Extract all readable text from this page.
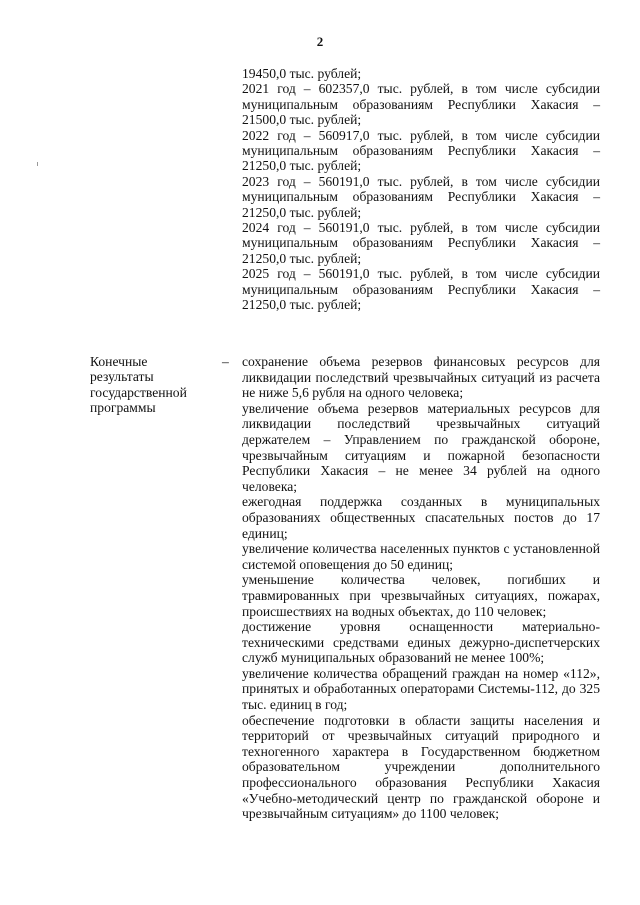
2

19450,0 тыс. рублей;

2021 год – 602357,0 тыс. рублей, в том числе субсидии муниципальным образованиям Республики Хакасия – 21500,0 тыс. рублей;

2022 год – 560917,0 тыс. рублей, в том числе субсидии муниципальным образованиям Республики Хакасия – 21250,0 тыс. рублей;

2023 год – 560191,0 тыс. рублей, в том числе субсидии муниципальным образованиям Республики Хакасия – 21250,0 тыс. рублей;

2024 год – 560191,0 тыс. рублей, в том числе субсидии муниципальным образованиям Республики Хакасия – 21250,0 тыс. рублей;

2025 год – 560191,0 тыс. рублей, в том числе субсидии муниципальным образованиям Республики Хакасия – 21250,0 тыс. рублей;

Конечные результаты государственной программы
– сохранение объема резервов финансовых ресурсов для ликвидации последствий чрезвычайных ситуаций из расчета не ниже 5,6 рубля на одного человека;

увеличение объема резервов материальных ресурсов для ликвидации последствий чрезвычайных ситуаций держателем – Управлением по гражданской обороне, чрезвычайным ситуациям и пожарной безопасности Республики Хакасия – не менее 34 рублей на одного человека;

ежегодная поддержка созданных в муниципальных образованиях общественных спасательных постов до 17 единиц;

увеличение количества населенных пунктов с установленной системой оповещения до 50 единиц;

уменьшение количества человек, погибших и травмированных при чрезвычайных ситуациях, пожарах, происшествиях на водных объектах, до 110 человек;

достижение уровня оснащенности материально-техническими средствами единых дежурно-диспетчерских служб муниципальных образований не менее 100%;

увеличение количества обращений граждан на номер «112», принятых и обработанных операторами Системы-112, до 325 тыс. единиц в год;

обеспечение подготовки в области защиты населения и территорий от чрезвычайных ситуаций природного и техногенного характера в Государственном бюджетном образовательном учреждении дополнительного профессионального образования Республики Хакасия «Учебно-методический центр по гражданской обороне и чрезвычайным ситуациям» до 1100 человек;
